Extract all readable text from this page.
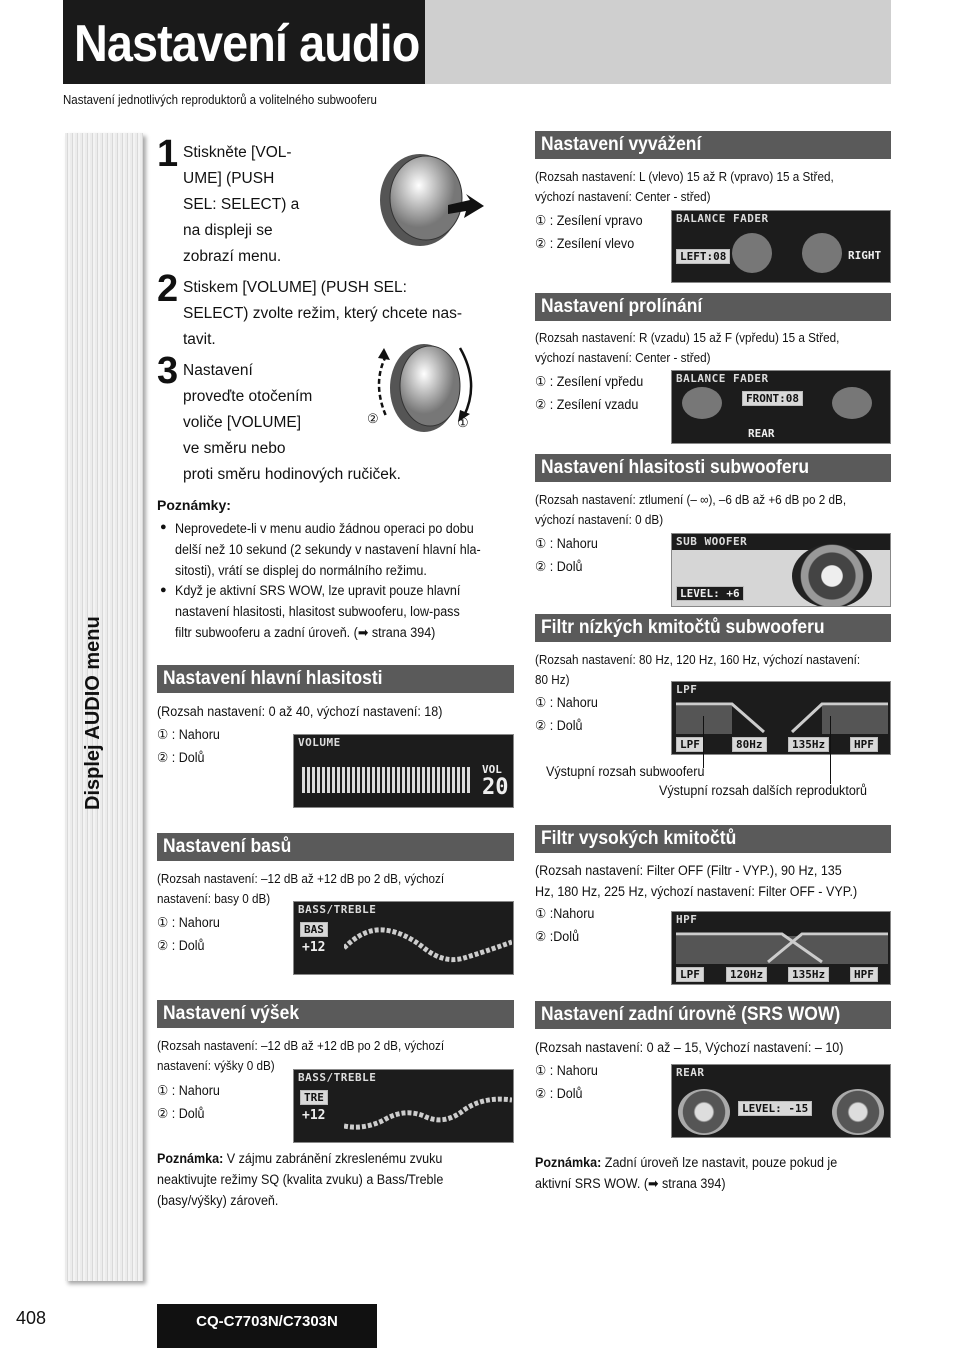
Nastavení audio
Nastavení jednotlivých reproduktorů a volitelného subwooferu
Displej AUDIO menu
1 Stiskněte [VOL-
UME] (PUSH
SEL: SELECT) a
na displeji se
zobrazí menu.
2 Stiskem [VOLUME] (PUSH SEL:
SELECT) zvolte režim, který chcete nas-
tavit.
3 Nastavení
proveďte otočením
voliče [VOLUME]
ve směru nebo
proti směru hodinových ručiček.
②	①
Poznámky:
● Neprovedete-li v menu audio žádnou operaci po dobu
delší než 10 sekund (2 sekundy v nastavení hlavní hla-
sitosti), vrátí se displej do normálního režimu.
● Když je aktivní SRS WOW, lze upravit pouze hlavní
nastavení hlasitosti, hlasitost subwooferu, low-pass
filtr subwooferu a zadní úroveň. (➡ strana 394)
Nastavení hlavní hlasitosti
(Rozsah nastavení: 0 až 40, výchozí nastavení: 18)
① : Nahoru
② : Dolů
VOLUME
VOL
20
Nastavení basů
(Rozsah nastavení: –12 dB až +12 dB po 2 dB, výchozí
nastavení: basy 0 dB)
① : Nahoru
② : Dolů
BASS/TREBLE
BAS
+12
Nastavení výšek
(Rozsah nastavení: –12 dB až +12 dB po 2 dB, výchozí
nastavení: výšky 0 dB)
① : Nahoru
② : Dolů
BASS/TREBLE
TRE
+12
Poznámka: V zájmu zabránění zkreslenému zvuku
neaktivujte režimy SQ (kvalita zvuku) a Bass/Treble
(basy/výšky) zároveň.
Nastavení vyvážení
(Rozsah nastavení: L (vlevo) 15 až R (vpravo) 15 a Střed,
výchozí nastavení: Center - střed)
① : Zesílení vpravo
② : Zesílení vlevo
BALANCE FADER
LEFT:08	RIGHT
Nastavení prolínání
(Rozsah nastavení: R (vzadu) 15 až F (vpředu) 15 a Střed,
výchozí nastavení: Center - střed)
① : Zesílení vpředu
② : Zesílení vzadu
BALANCE FADER
FRONT:08
REAR
Nastavení hlasitosti subwooferu
(Rozsah nastavení: ztlumení (– ∞), –6 dB až +6 dB po 2 dB,
výchozí nastavení: 0 dB)
① : Nahoru
② : Dolů
SUB WOOFER
LEVEL: +6
Filtr nízkých kmitočtů subwooferu
(Rozsah nastavení: 80 Hz, 120 Hz, 160 Hz, výchozí nastavení:
80 Hz)
① : Nahoru
② : Dolů
LPF
LPF	80Hz	135Hz	HPF
Výstupní rozsah subwooferu
Výstupní rozsah dalších reproduktorů
Filtr vysokých kmitočtů
(Rozsah nastavení: Filter OFF (Filtr - VYP.), 90 Hz, 135
Hz, 180 Hz, 225 Hz, výchozí nastavení: Filter OFF - VYP.)
① :Nahoru
② :Dolů
HPF
LPF	120Hz	135Hz	HPF
Nastavení zadní úrovně (SRS WOW)
(Rozsah nastavení: 0 až – 15, Výchozí nastavení: – 10)
① : Nahoru
② : Dolů
REAR
LEVEL: -15
Poznámka: Zadní úroveň lze nastavit, pouze pokud je
aktivní SRS WOW. (➡ strana 394)
408	CQ-C7703N/C7303N
